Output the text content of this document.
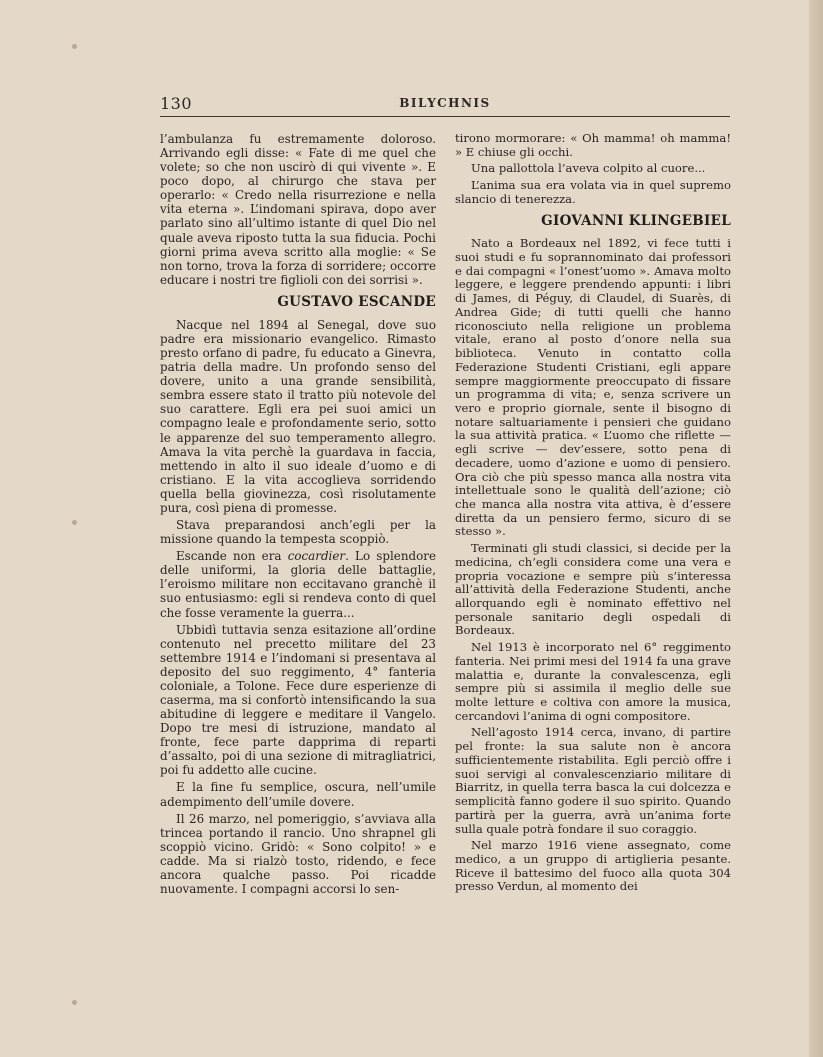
130	BILYCHNIS

l’ambulanza fu estremamente doloroso. Arrivando egli disse: « Fate di me quel che volete; so che non uscirò di qui vivente ». E poco dopo, al chirurgo che stava per operarlo: « Credo nella risurrezione e nella vita eterna ». L’indomani spirava, dopo aver parlato sino all’ultimo istante di quel Dio nel quale aveva riposto tutta la sua fiducia. Pochi giorni prima aveva scritto alla moglie: « Se non torno, trova la forza di sorridere; occorre educare i nostri tre figlioli con dei sorrisi ».

GUSTAVO ESCANDE

Nacque nel 1894 al Senegal, dove suo padre era missionario evangelico. Rimasto presto orfano di padre, fu educato a Ginevra, patria della madre. Un profondo senso del dovere, unito a una grande sensibilità, sembra essere stato il tratto più notevole del suo carattere. Egli era pei suoi amici un compagno leale e profondamente serio, sotto le apparenze del suo temperamento allegro. Amava la vita perchè la guardava in faccia, mettendo in alto il suo ideale d’uomo e di cristiano. E la vita accoglieva sorridendo quella bella giovinezza, così risolutamente pura, così piena di promesse.

Stava preparandosi anch’egli per la missione quando la tempesta scoppiò.

Escande non era cocardier. Lo splendore delle uniformi, la gloria delle battaglie, l’eroismo militare non eccitavano granchè il suo entusiasmo: egli si rendeva conto di quel che fosse veramente la guerra...

Ubbidì tuttavia senza esitazione all’ordine contenuto nel precetto militare del 23 settembre 1914 e l’indomani si presentava al deposito del suo reggimento, 4° fanteria coloniale, a Tolone. Fece dure esperienze di caserma, ma si confortò intensificando la sua abitudine di leggere e meditare il Vangelo. Dopo tre mesi di istruzione, mandato al fronte, fece parte dapprima di reparti d’assalto, poi di una sezione di mitragliatrici, poi fu addetto alle cucine.

E la fine fu semplice, oscura, nell’umile adempimento dell’umile dovere.

Il 26 marzo, nel pomeriggio, s’avviava alla trincea portando il rancio. Uno shrapnel gli scoppiò vicino. Gridò: « Sono colpito! » e cadde. Ma si rialzò tosto, ridendo, e fece ancora qualche passo. Poi ricadde nuovamente. I compagni accorsi lo sen-

tirono mormorare: « Oh mamma! oh mamma! » E chiuse gli occhi.

Una pallottola l’aveva colpito al cuore...

L’anima sua era volata via in quel supremo slancio di tenerezza.

GIOVANNI KLINGEBIEL

Nato a Bordeaux nel 1892, vi fece tutti i suoi studi e fu soprannominato dai professori e dai compagni « l’onest’uomo ». Amava molto leggere, e leggere prendendo appunti: i libri di James, di Péguy, di Claudel, di Suarès, di Andrea Gide; di tutti quelli che hanno riconosciuto nella religione un problema vitale, erano al posto d’onore nella sua biblioteca. Venuto in contatto colla Federazione Studenti Cristiani, egli appare sempre maggiormente preoccupato di fissare un programma di vita; e, senza scrivere un vero e proprio giornale, sente il bisogno di notare saltuariamente i pensieri che guidano la sua attività pratica. « L’uomo che riflette — egli scrive — dev’essere, sotto pena di decadere, uomo d’azione e uomo di pensiero. Ora ciò che più spesso manca alla nostra vita intellettuale sono le qualità dell’azione; ciò che manca alla nostra vita attiva, è d’essere diretta da un pensiero fermo, sicuro di se stesso ».

Terminati gli studi classici, si decide per la medicina, ch’egli considera come una vera e propria vocazione e sempre più s’interessa all’attività della Federazione Studenti, anche allorquando egli è nominato effettivo nel personale sanitario degli ospedali di Bordeaux.

Nel 1913 è incorporato nel 6° reggimento fanteria. Nei primi mesi del 1914 fa una grave malattia e, durante la convalescenza, egli sempre più si assimila il meglio delle sue molte letture e coltiva con amore la musica, cercandovi l’anima di ogni compositore.

Nell’agosto 1914 cerca, invano, di partire pel fronte: la sua salute non è ancora sufficientemente ristabilita. Egli perciò offre i suoi servigi al convalescenziario militare di Biarritz, in quella terra basca la cui dolcezza e semplicità fanno godere il suo spirito. Quando partirà per la guerra, avrà un’anima forte sulla quale potrà fondare il suo coraggio.

Nel marzo 1916 viene assegnato, come medico, a un gruppo di artiglieria pesante. Riceve il battesimo del fuoco alla quota 304 presso Verdun, al momento dei
